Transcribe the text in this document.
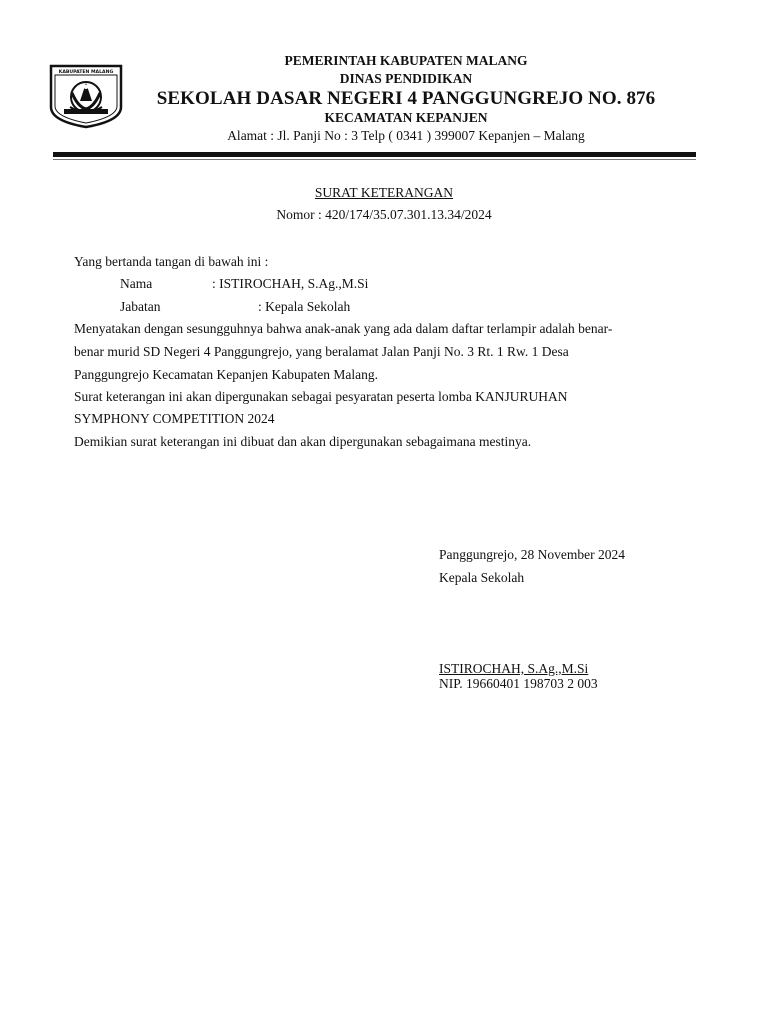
KABUPATEN MALANG
PEMERINTAH KABUPATEN MALANG
DINAS PENDIDIKAN
SEKOLAH DASAR NEGERI 4 PANGGUNGREJO NO. 876
KECAMATAN KEPANJEN
Alamat : Jl. Panji No : 3 Telp ( 0341 ) 399007 Kepanjen – Malang
SURAT KETERANGAN
Nomor : 420/174/35.07.301.13.34/2024
Yang bertanda tangan di bawah ini :
Nama	: ISTIROCHAH, S.Ag.,M.Si
Jabatan	: Kepala Sekolah
Menyatakan dengan sesungguhnya bahwa anak-anak yang ada dalam daftar terlampir adalah benar-
benar murid SD Negeri 4 Panggungrejo, yang beralamat Jalan Panji No. 3 Rt. 1 Rw. 1 Desa
Panggungrejo Kecamatan Kepanjen Kabupaten Malang.
Surat keterangan ini akan dipergunakan sebagai pesyaratan peserta lomba KANJURUHAN
SYMPHONY COMPETITION 2024
Demikian surat keterangan ini dibuat dan akan dipergunakan sebagaimana mestinya.
Panggungrejo, 28 November 2024
Kepala Sekolah
ISTIROCHAH, S.Ag.,M.Si
NIP. 19660401 198703 2 003
